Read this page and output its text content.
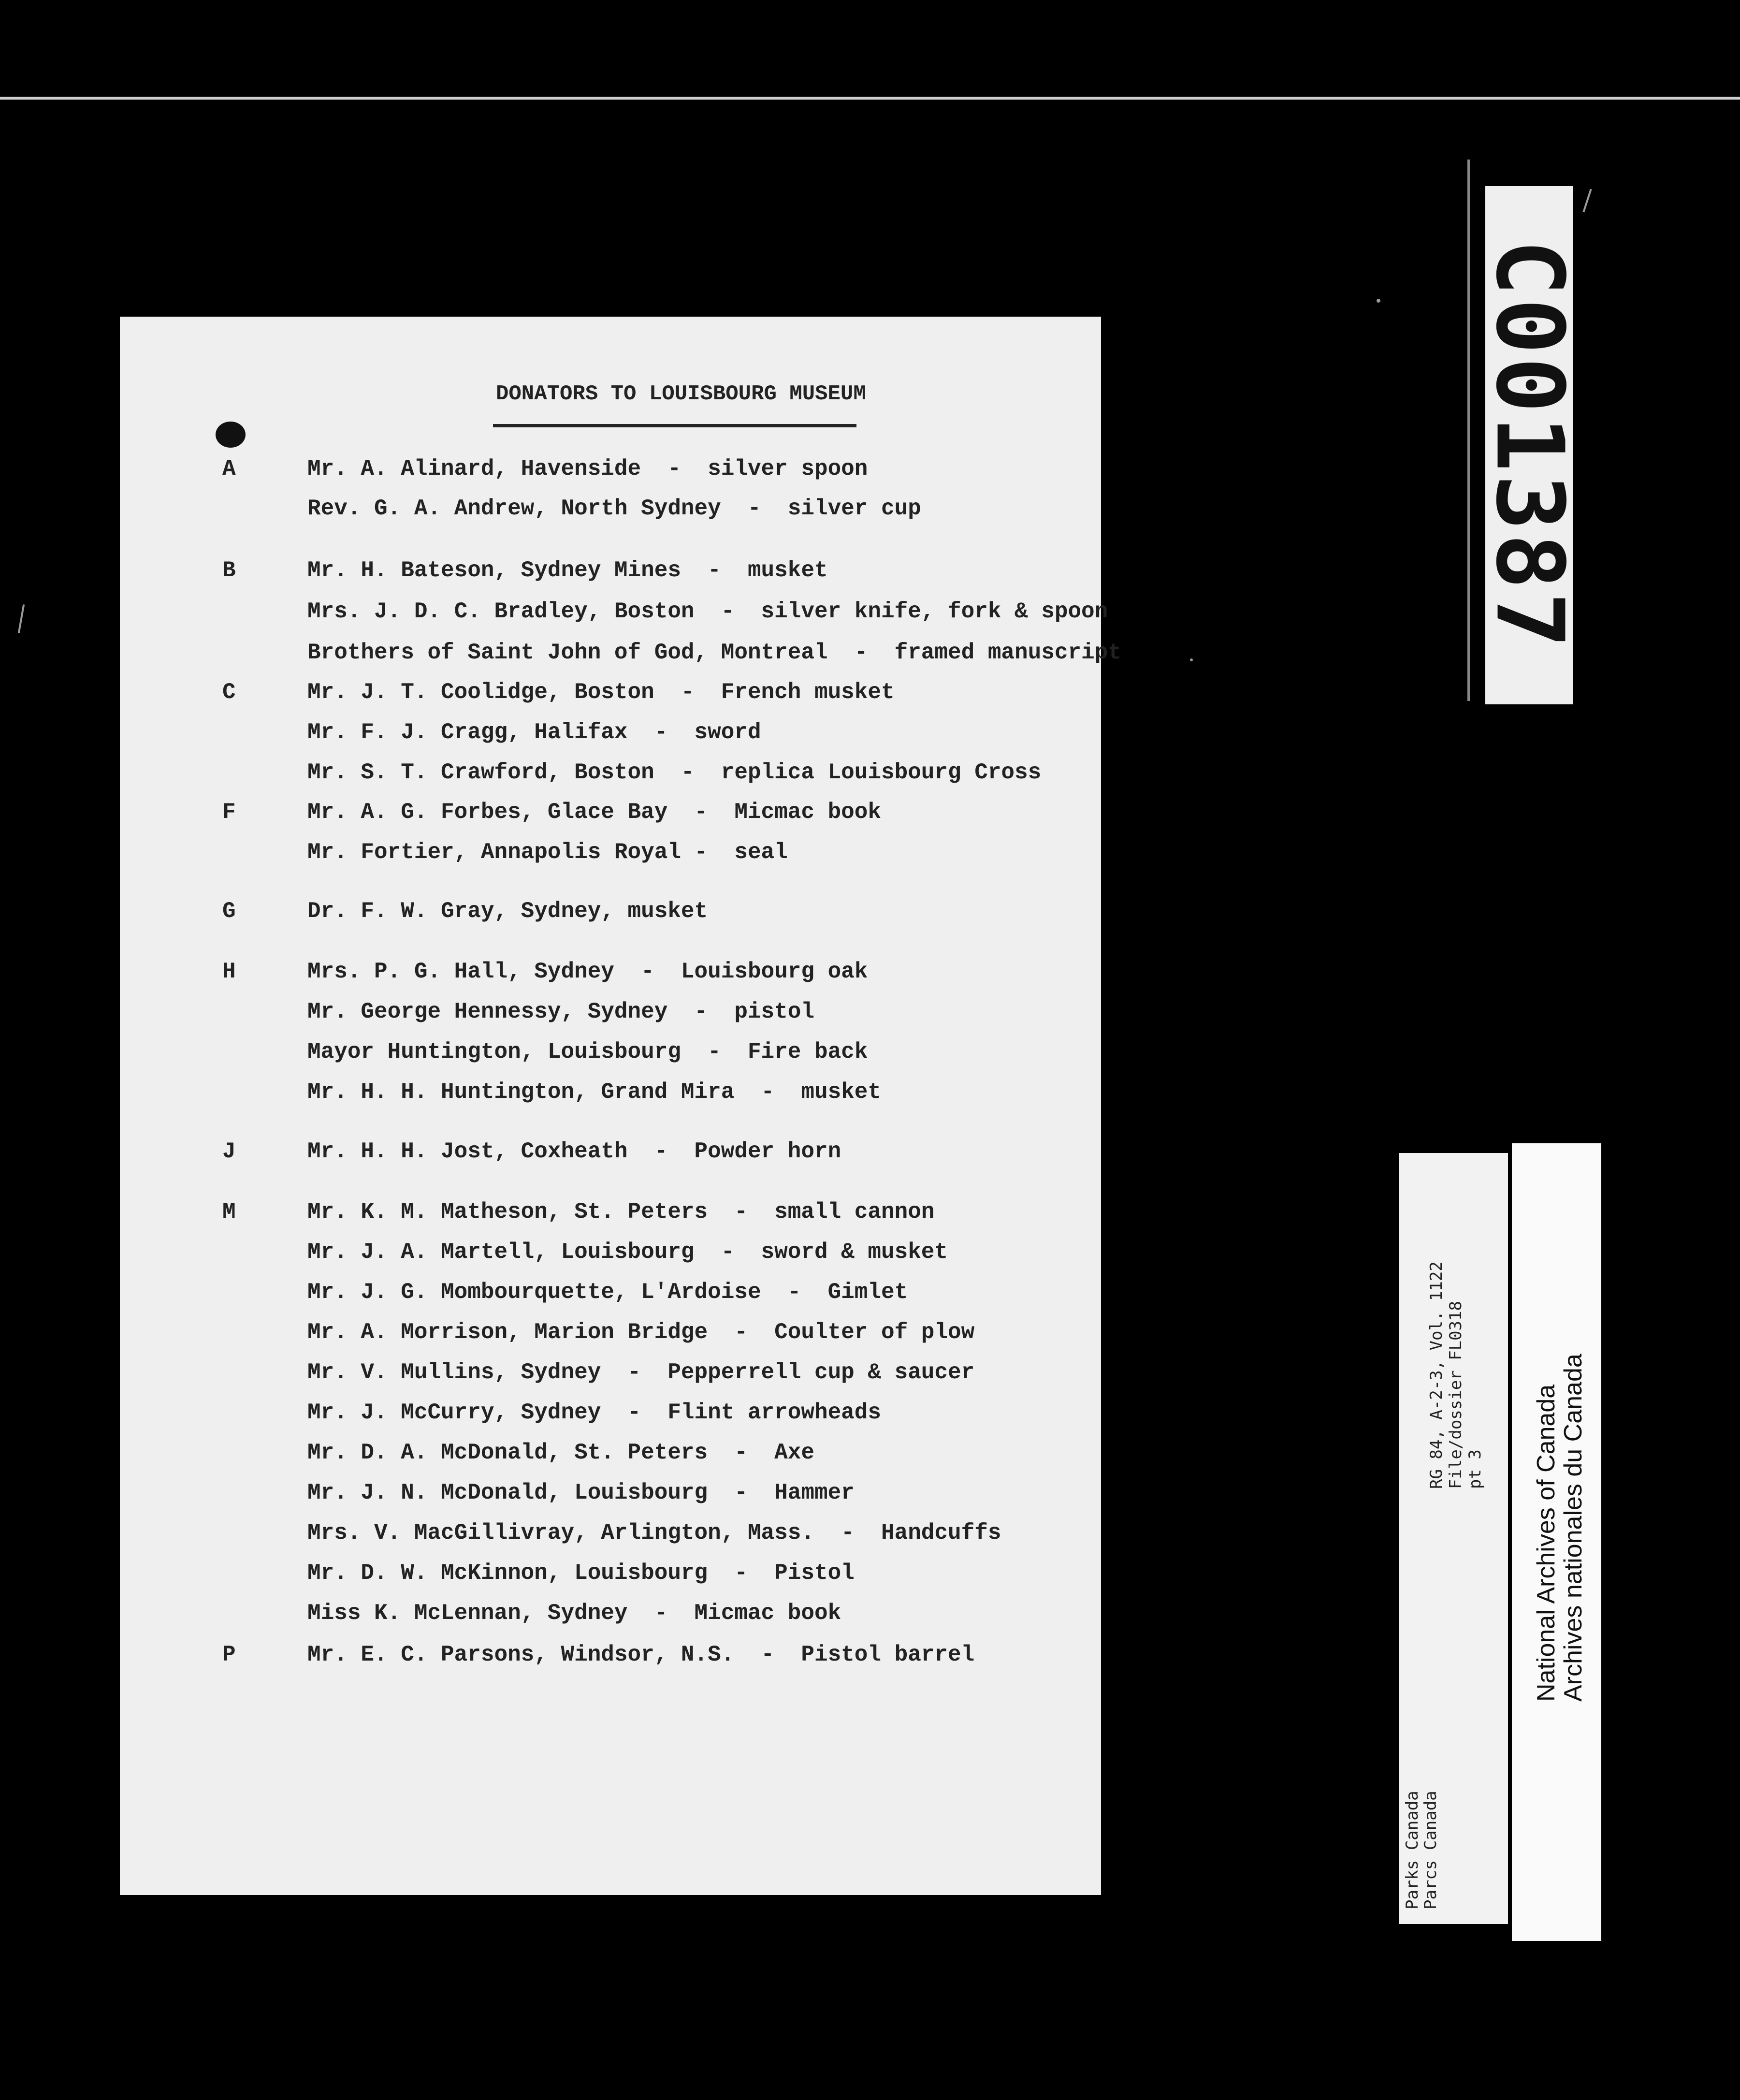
DONATORS TO LOUISBOURG MUSEUM
A	Mr. A. Alinard, Havenside  -  silver spoon
Rev. G. A. Andrew, North Sydney  -  silver cup
B	Mr. H. Bateson, Sydney Mines  -  musket
Mrs. J. D. C. Bradley, Boston  -  silver knife, fork & spoon
Brothers of Saint John of God, Montreal  -  framed manuscript
C	Mr. J. T. Coolidge, Boston  -  French musket
Mr. F. J. Cragg, Halifax  -  sword
Mr. S. T. Crawford, Boston  -  replica Louisbourg Cross
F	Mr. A. G. Forbes, Glace Bay  -  Micmac book
Mr. Fortier, Annapolis Royal -  seal
G	Dr. F. W. Gray, Sydney, musket
H	Mrs. P. G. Hall, Sydney  -  Louisbourg oak
Mr. George Hennessy, Sydney  -  pistol
Mayor Huntington, Louisbourg  -  Fire back
Mr. H. H. Huntington, Grand Mira  -  musket
J	Mr. H. H. Jost, Coxheath  -  Powder horn
M	Mr. K. M. Matheson, St. Peters  -  small cannon
Mr. J. A. Martell, Louisbourg  -  sword & musket
Mr. J. G. Mombourquette, L'Ardoise  -  Gimlet
Mr. A. Morrison, Marion Bridge  -  Coulter of plow
Mr. V. Mullins, Sydney  -  Pepperrell cup & saucer
Mr. J. McCurry, Sydney  -  Flint arrowheads
Mr. D. A. McDonald, St. Peters  -  Axe
Mr. J. N. McDonald, Louisbourg  -  Hammer
Mrs. V. MacGillivray, Arlington, Mass.  -  Handcuffs
Mr. D. W. McKinnon, Louisbourg  -  Pistol
Miss K. McLennan, Sydney  -  Micmac book
P	Mr. E. C. Parsons, Windsor, N.S.  -  Pistol barrel
C001387
Parks Canada
Parcs Canada
RG 84, A-2-3, Vol. 1122 File/dossier FL0318 pt 3 National Archives of Canada
Archives nationales du Canada
